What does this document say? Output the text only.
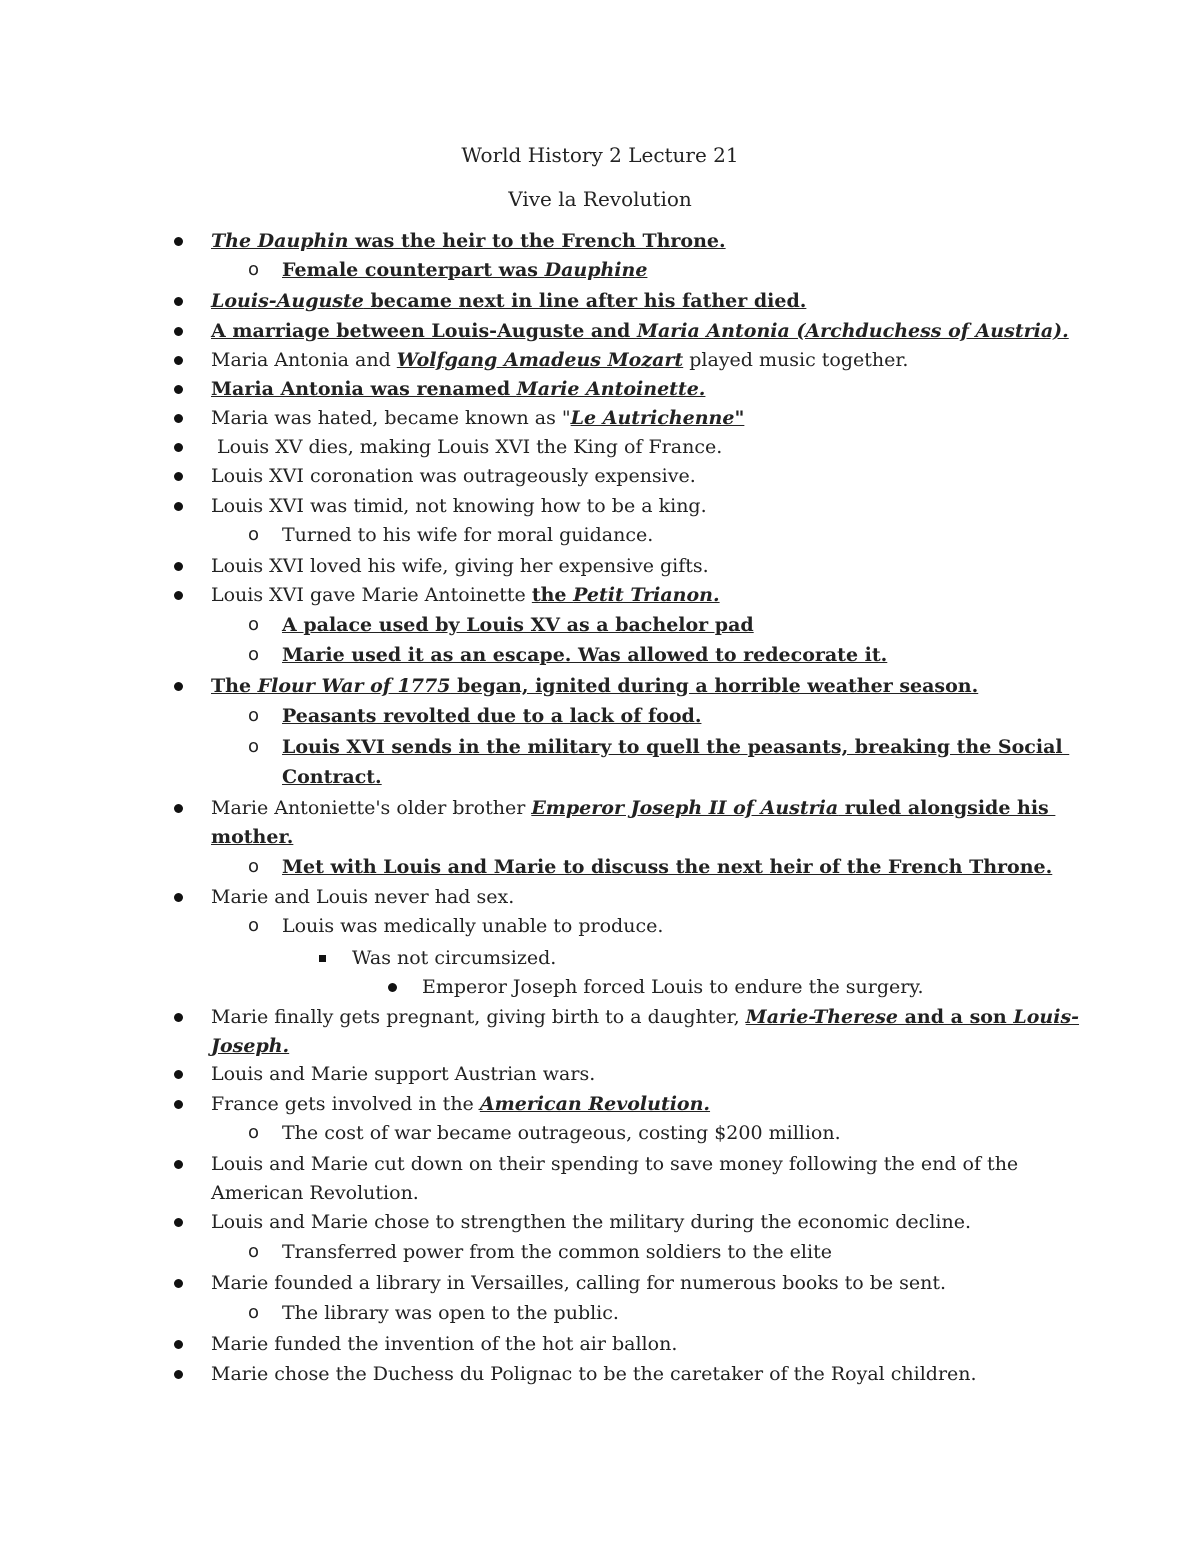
World History 2 Lecture 21
Vive la Revolution
The Dauphin was the heir to the French Throne.
o Female counterpart was Dauphine
Louis-Auguste became next in line after his father died.
A marriage between Louis-Auguste and Maria Antonia (Archduchess of Austria).
Maria Antonia and Wolfgang Amadeus Mozart played music together.
Maria Antonia was renamed Marie Antoinette.
Maria was hated, became known as "Le Autrichenne"
Louis XV dies, making Louis XVI the King of France.
Louis XVI coronation was outrageously expensive.
Louis XVI was timid, not knowing how to be a king.
o Turned to his wife for moral guidance.
Louis XVI loved his wife, giving her expensive gifts.
Louis XVI gave Marie Antoinette the Petit Trianon.
o A palace used by Louis XV as a bachelor pad
o Marie used it as an escape. Was allowed to redecorate it.
The Flour War of 1775 began, ignited during a horrible weather season.
o Peasants revolted due to a lack of food.
o Louis XVI sends in the military to quell the peasants, breaking the Social
Contract.
Marie Antoniette's older brother Emperor Joseph II of Austria ruled alongside his
mother.
o Met with Louis and Marie to discuss the next heir of the French Throne.
Marie and Louis never had sex.
o Louis was medically unable to produce.
Was not circumsized.
Emperor Joseph forced Louis to endure the surgery.
Marie finally gets pregnant, giving birth to a daughter, Marie-Therese and a son Louis-
Joseph.
Louis and Marie support Austrian wars.
France gets involved in the American Revolution.
o The cost of war became outrageous, costing $200 million.
Louis and Marie cut down on their spending to save money following the end of the
American Revolution.
Louis and Marie chose to strengthen the military during the economic decline.
o Transferred power from the common soldiers to the elite
Marie founded a library in Versailles, calling for numerous books to be sent.
o The library was open to the public.
Marie funded the invention of the hot air ballon.
Marie chose the Duchess du Polignac to be the caretaker of the Royal children.
